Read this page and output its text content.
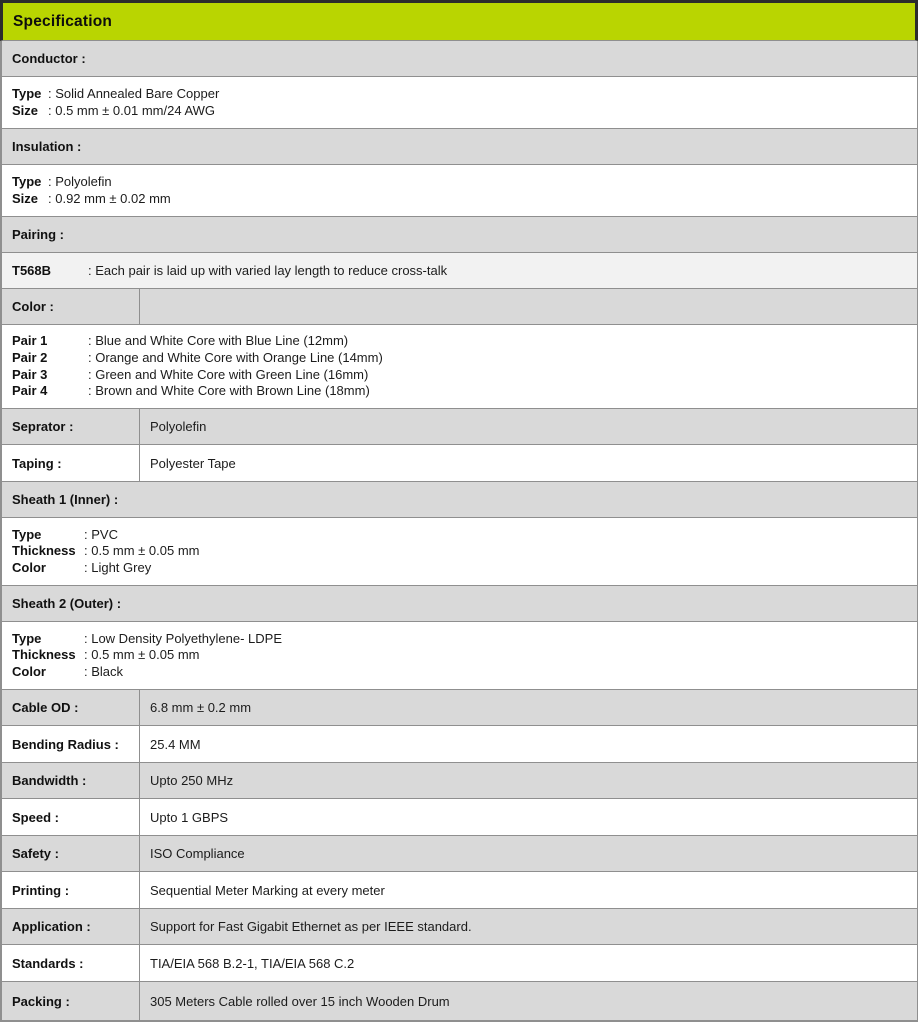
Specification
Conductor :
Type : Solid Annealed Bare Copper
Size : 0.5 mm ± 0.01 mm/24 AWG
Insulation :
Type : Polyolefin
Size : 0.92 mm ± 0.02 mm
Pairing :
T568B	: Each pair is laid up with varied lay length to reduce cross-talk
Color :
Pair 1	: Blue and White Core with Blue Line (12mm)
Pair 2	: Orange and White Core with Orange Line (14mm)
Pair 3	: Green and White Core with Green Line (16mm)
Pair 4	: Brown and White Core with Brown Line (18mm)
Seprator :	Polyolefin
Taping :	Polyester Tape
Sheath 1 (Inner) :
Type	: PVC
Thickness : 0.5 mm ± 0.05 mm
Color	: Light Grey
Sheath 2 (Outer) :
Type	: Low Density Polyethylene- LDPE
Thickness : 0.5 mm ± 0.05 mm
Color	: Black
Cable OD :	6.8 mm ± 0.2 mm
Bending Radius : 25.4 MM
Bandwidth :	Upto 250 MHz
Speed :	Upto 1 GBPS
Safety :	ISO Compliance
Printing :	Sequential Meter Marking at every meter
Application :	Support for Fast Gigabit Ethernet as per IEEE standard.
Standards :	TIA/EIA 568 B.2-1, TIA/EIA 568 C.2
Packing :	305 Meters Cable rolled over 15 inch Wooden Drum
